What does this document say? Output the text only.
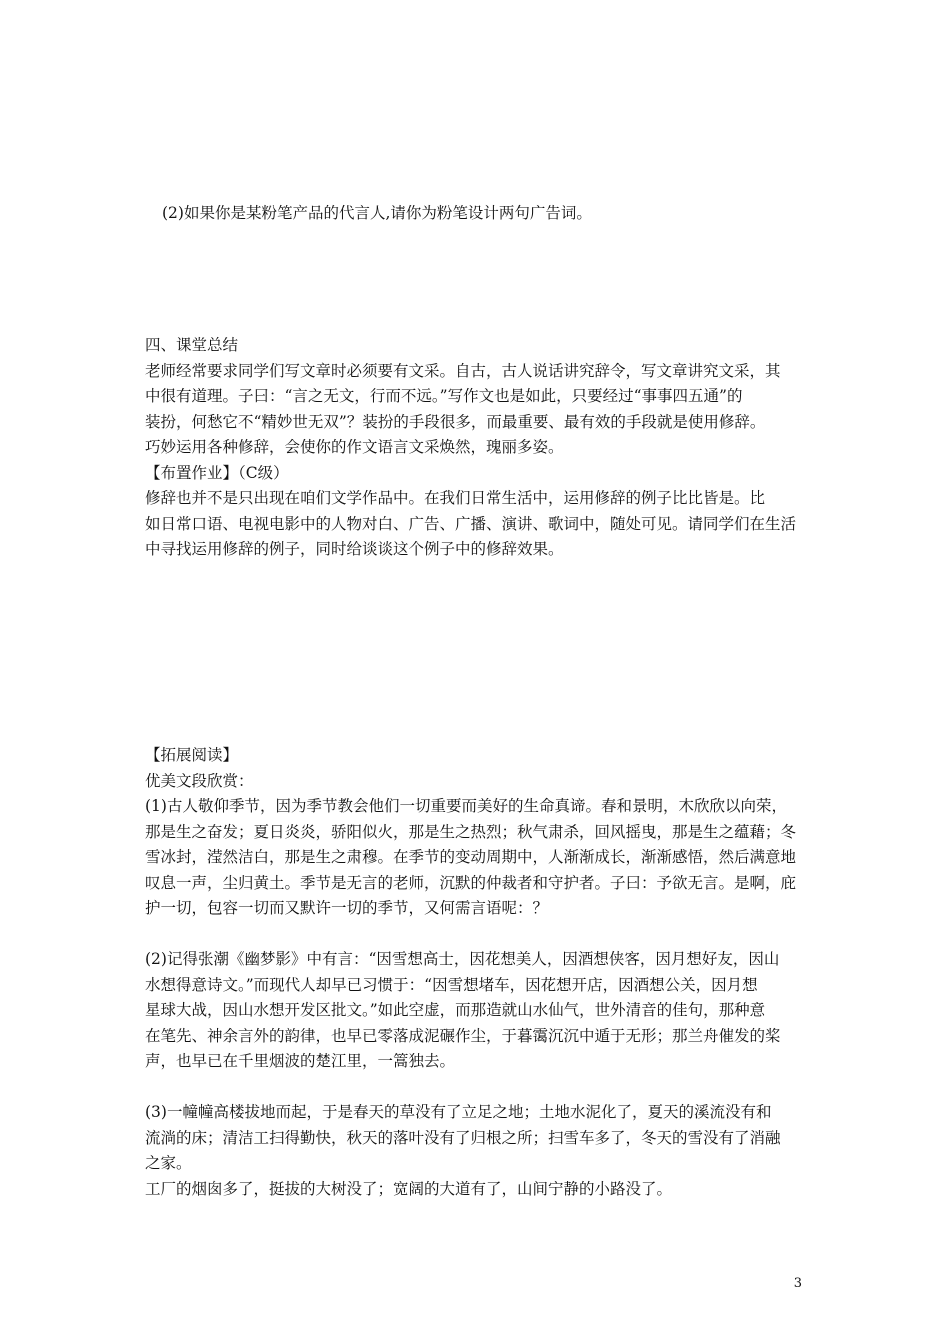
(2)如果你是某粉笔产品的代言人,请你为粉笔设计两句广告词。

四、课堂总结

老师经常要求同学们写文章时必须要有文采。自古，古人说话讲究辞令，写文章讲究文采，其

中很有道理。子曰：“言之无文，行而不远。”写作文也是如此，只要经过“事事四五通”的

装扮，何愁它不“精妙世无双”？装扮的手段很多，而最重要、最有效的手段就是使用修辞。

巧妙运用各种修辞，会使你的作文语言文采焕然，瑰丽多姿。

【布置作业】（C级）

修辞也并不是只出现在咱们文学作品中。在我们日常生活中，运用修辞的例子比比皆是。比

如日常口语、电视电影中的人物对白、广告、广播、演讲、歌词中，随处可见。请同学们在生活

中寻找运用修辞的例子，同时给谈谈这个例子中的修辞效果。

【拓展阅读】

优美文段欣赏：

(1)古人敬仰季节，因为季节教会他们一切重要而美好的生命真谛。春和景明，木欣欣以向荣，

那是生之奋发；夏日炎炎，骄阳似火，那是生之热烈；秋气肃杀，回风摇曳，那是生之蕴藉；冬

雪冰封，滢然洁白，那是生之肃穆。在季节的变动周期中，人渐渐成长，渐渐感悟，然后满意地

叹息一声，尘归黄土。季节是无言的老师，沉默的仲裁者和守护者。子曰：予欲无言。是啊，庇

护一切，包容一切而又默许一切的季节，又何需言语呢：？

(2)记得张潮《幽梦影》中有言：“因雪想高士，因花想美人，因酒想侠客，因月想好友，因山

水想得意诗文。”而现代人却早已习惯于：“因雪想堵车，因花想开店，因酒想公关，因月想

星球大战，因山水想开发区批文。”如此空虚，而那造就山水仙气，世外清音的佳句，那种意

在笔先、神余言外的韵律，也早已零落成泥碾作尘，于暮霭沉沉中遁于无形；那兰舟催发的桨

声，也早已在千里烟波的楚江里，一篙独去。

(3)一幢幢高楼拔地而起，于是春天的草没有了立足之地；土地水泥化了，夏天的溪流没有和

流淌的床；清洁工扫得勤快，秋天的落叶没有了归根之所；扫雪车多了，冬天的雪没有了消融

之家。

工厂的烟囱多了，挺拔的大树没了；宽阔的大道有了，山间宁静的小路没了。

3
